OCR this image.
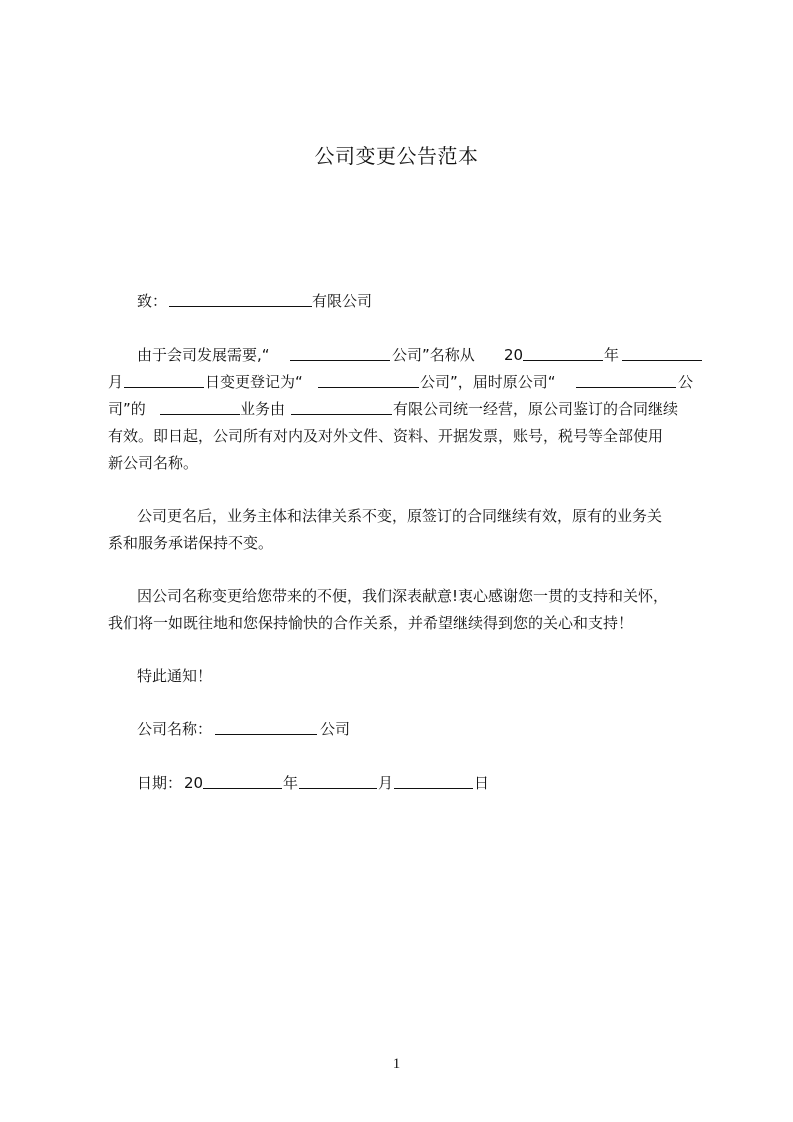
公司变更公告范本
致：	有限公司
由于会司发展需要,“	公司”名称从 20	年
月	日变更登记为“	公司”，届时原公司“	公
司”的	业务由	有限公司统一经营，原公司鉴订的合同继续
有效。即日起，公司所有对内及对外文件、资料、开据发票，账号，税号等全部使用
新公司名称。
公司更名后，业务主体和法律关系不变，原签订的合同继续有效，原有的业务关
系和服务承诺保持不变。
因公司名称变更给您带来的不便，我们深表献意!衷心感谢您一贯的支持和关怀，
我们将一如既往地和您保持愉快的合作关系，并希望继续得到您的关心和支持！
特此通知！
公司名称：	公司
日期： 20	年	月	日
1
